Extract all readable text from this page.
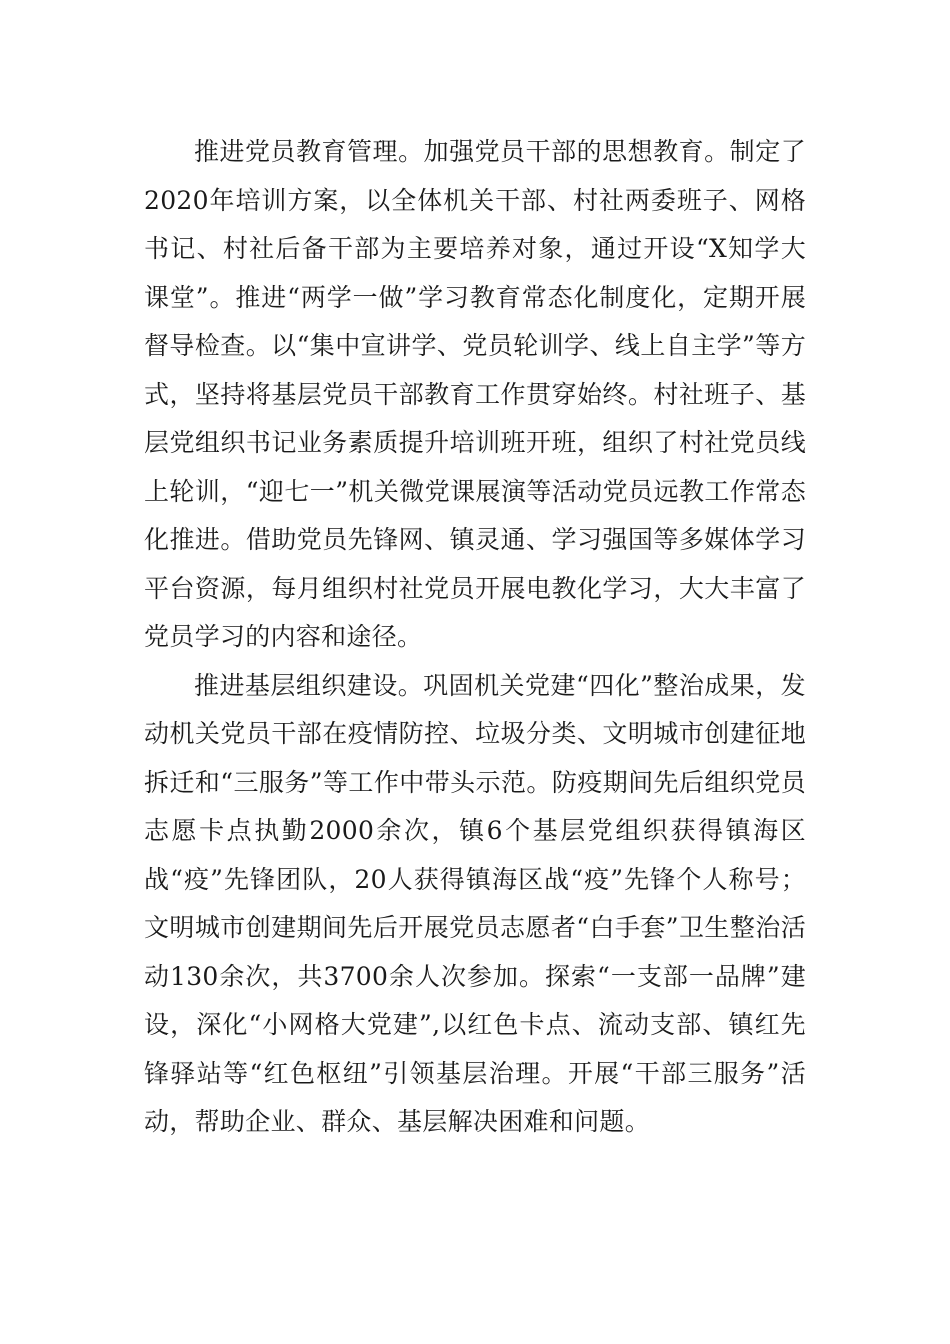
推进党员教育管理。加强党员干部的思想教育。制定了2020年培训方案，以全体机关干部、村社两委班子、网格书记、村社后备干部为主要培养对象，通过开设“X知学大课堂”。推进“两学一做”学习教育常态化制度化，定期开展督导检查。以“集中宣讲学、党员轮训学、线上自主学”等方式，坚持将基层党员干部教育工作贯穿始终。村社班子、基层党组织书记业务素质提升培训班开班，组织了村社党员线上轮训，“迎七一”机关微党课展演等活动党员远教工作常态化推进。借助党员先锋网、镇灵通、学习强国等多媒体学习平台资源，每月组织村社党员开展电教化学习，大大丰富了党员学习的内容和途径。

推进基层组织建设。巩固机关党建“四化”整治成果，发动机关党员干部在疫情防控、垃圾分类、文明城市创建征地拆迁和“三服务”等工作中带头示范。防疫期间先后组织党员志愿卡点执勤2000余次，镇6个基层党组织获得镇海区战“疫”先锋团队，20人获得镇海区战“疫”先锋个人称号；文明城市创建期间先后开展党员志愿者“白手套”卫生整治活动130余次，共3700余人次参加。探索“一支部一品牌”建设，深化“小网格大党建”,以红色卡点、流动支部、镇红先锋驿站等“红色枢纽”引领基层治理。开展“干部三服务”活动，帮助企业、群众、基层解决困难和问题。
